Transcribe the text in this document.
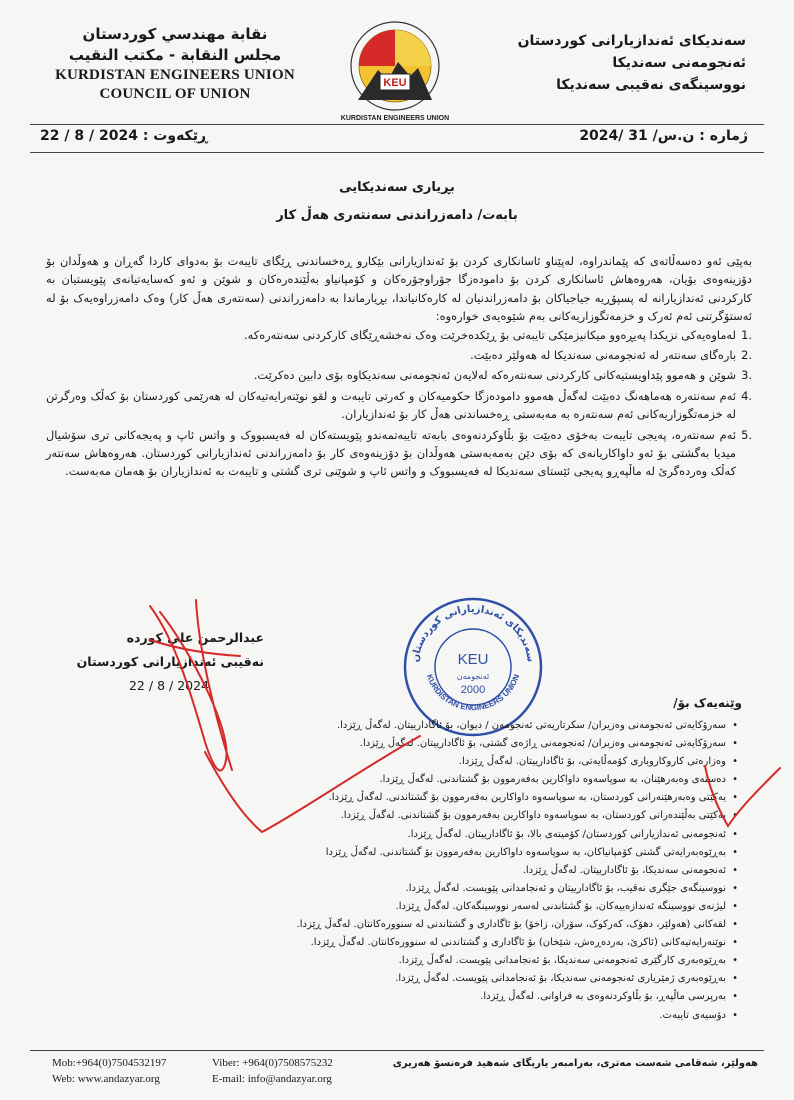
سەندیکای ئەندازیارانی کوردستان
ئەنجومەنی سەندیکا
نووسینگەی نەقیبی سەندیکا
نقابة مهندسي كوردستان
مجلس النقابة - مكتب النقيب
KURDISTAN ENGINEERS UNION
COUNCIL OF UNION
KEU
KURDISTAN ENGINEERS UNION
ژمارە : ن.س/ 31 /2024
ڕێکەوت : 2024 / 8 / 22
بڕیاری سەندیکایی
بابەت/ دامەزراندنی سەنتەری هەڵ کار

بەپێی ئەو دەسەڵاتەی کە پێماندراوە، لەپێناو ئاسانکاری کردن بۆ ئەندازیارانی بێکارو ڕەخساندنی ڕێگای تایبەت بۆ بەدوای کاردا گەڕان و هەوڵدان بۆ دۆزینەوەی بۆیان، هەروەهاش ئاسانکاری کردن بۆ دامودەزگا جۆراوجۆرەکان و کۆمپانیاو بەڵێندەرەکان و شوێن و ئەو کەسایەتیانەی پێویستیان بە کارکردنی ئەندازیارانە لە پسپۆڕیە جیاجیاکان بۆ دامەزراندنیان لە کارەکانیاندا، بڕیارماندا بە دامەزراندنی (سەنتەری هەڵ کار) وەک دامەزراوەیەک بۆ لە ئەستۆگرتنی ئەم ئەرک و خزمەتگوزاریەکانی بەم شێوەیەی خوارەوە:

.1
لەماوەیەکی نزیکدا پەیڕەوو میکانیزمێکی تایبەتی بۆ ڕێکدەخرێت وەک نەخشەڕێگای کارکردنی سەنتەرەکە.
.2
بارەگای سەنتەر لە ئەنجومەنی سەندیکا لە هەولێر دەبێت.
.3
شوێن و هەموو پێداویستیەکانی کارکردنی سەنتەرەکە لەلایەن ئەنجومەنی سەندیکاوە بۆی دابین دەکرێت.
.4
ئەم سەنتەرە هەماهەنگ دەبێت لەگەڵ هەموو دامودەزگا حکومیەکان و کەرتی تایبەت و لقو نوێنەرایەتیەکان لە هەرێمی کوردستان بۆ کەڵک وەرگرتن لە خزمەتگوزاریەکانی ئەم سەنتەرە بە مەبەستی ڕەخساندنی هەڵ کار بۆ ئەندازیاران.
.5
ئەم سەنتەرە، پەیجی تایبەت بەخۆی دەبێت بۆ بڵاوکردنەوەی بابەتە تایبەتمەندو پێویستەکان لە فەیسبووک و واتس ئاپ و پەیجەکانی تری سۆشیال میدیا بەگشتی بۆ ئەو داواکاریانەی کە بۆی دێن بەمەبەستی هەوڵدان بۆ دۆزینەوەی کار بۆ دامەزراندنی ئەندازیارانی کوردستان. هەروەهاش سەنتەر کەڵک وەردەگرێ لە ماڵپەڕو پەیجی ئێستای سەندیکا لە فەیسبووک و واتس ئاپ و شوێنی تری گشتی و تایبەت بە ئەندازیاران بۆ هەمان مەبەست.
سەندیکای ئەندازیارانی کوردستان
KURDISTAN ENGINEERS UNION
KEU
ئەنجومەن
2000
عبدالرحمن علي كوردە
نەقیبی ئەندازیارانی کوردستان
2024 / 8 / 22
وێنەیەک بۆ/
• سەرۆکایەتی ئەنجومەنی وەزیران/ سکرتاریەتی ئەنجومەن / دیوان، بۆ ئاگادارییتان. لەگەڵ ڕێزدا.
• سەرۆکایەتی ئەنجومەنی وەزیران/ ئەنجومەنی ڕاژەی گشتی، بۆ ئاگادارییتان. لەگەڵ ڕێزدا.
• وەزارەتی کاروکاروباری کۆمەڵایەتی، بۆ ئاگادارییتان. لەگەڵ ڕێزدا.
• دەستەی وەبەرهێنان، بە سوپاسەوە داواکارین بەفەرموون بۆ گشتاندنی. لەگەڵ ڕێزدا.
• یەکێتی وەبەرهێنەرانی کوردستان، بە سوپاسەوە داواکارین بەفەرموون بۆ گشتاندنی. لەگەڵ ڕێزدا.
• یەکێتی بەڵێندەرانی کوردستان، بە سوپاسەوە داواکارین بەفەرموون بۆ گشتاندنی. لەگەڵ ڕێزدا.
• ئەنجومەنی ئەندازیارانی کوردستان/ کۆمیتەی بالا، بۆ ئاگادارییتان. لەگەڵ ڕێزدا.
• بەڕێوەبەرایەتی گشتی کۆمپانیاکان، بە سوپاسەوە داواکارین بەفەرموون بۆ گشتاندنی. لەگەڵ ڕێزدا
• ئەنجومەنی سەندیکا، بۆ ئاگادارییتان. لەگەڵ ڕێزدا.
• نووسینگەی جێگری نەقیب، بۆ ئاگادارییتان و ئەنجامدانی پێویست. لەگەڵ ڕێزدا.
• لیژنەی نووسینگە ئەندازەییەکان، بۆ گشتاندنی لەسەر نووسینگەکان. لەگەڵ ڕێزدا.
• لقەکانی (هەولێر، دهۆک، کەرکوک، سۆران، زاخۆ) بۆ ئاگاداری و گشتاندنی لە سنوورەکانتان. لەگەڵ ڕێزدا.
• نوێنەرایەتیەکانی (ئاکرێ، بەردەڕەش، شێخان) بۆ ئاگاداری و گشتاندنی لە سنوورەکانتان. لەگەڵ ڕێزدا.
• بەڕێوەبەری کارگێری ئەنجومەنی سەندیکا، بۆ ئەنجامدانی پێویست. لەگەڵ ڕێزدا.
• بەڕێوەبەری ژمێریاری ئەنجومەنی سەندیکا، بۆ ئەنجامدانی پێویست. لەگەڵ ڕێزدا.
• بەرپرسی ماڵپەڕ، بۆ بڵاوکردنەوەی بە فراوانی. لەگەڵ ڕێزدا.
• دۆسیەی تایبەت.
Mob:+964(0)7504532197	Viber: +964(0)7508575232
Web: www.andazyar.org	E-mail: info@andazyar.org
هەولێر، شەقامی شەست مەتری، بەرامبەر یاریگای شەهید فرەنسۆ هەریری
